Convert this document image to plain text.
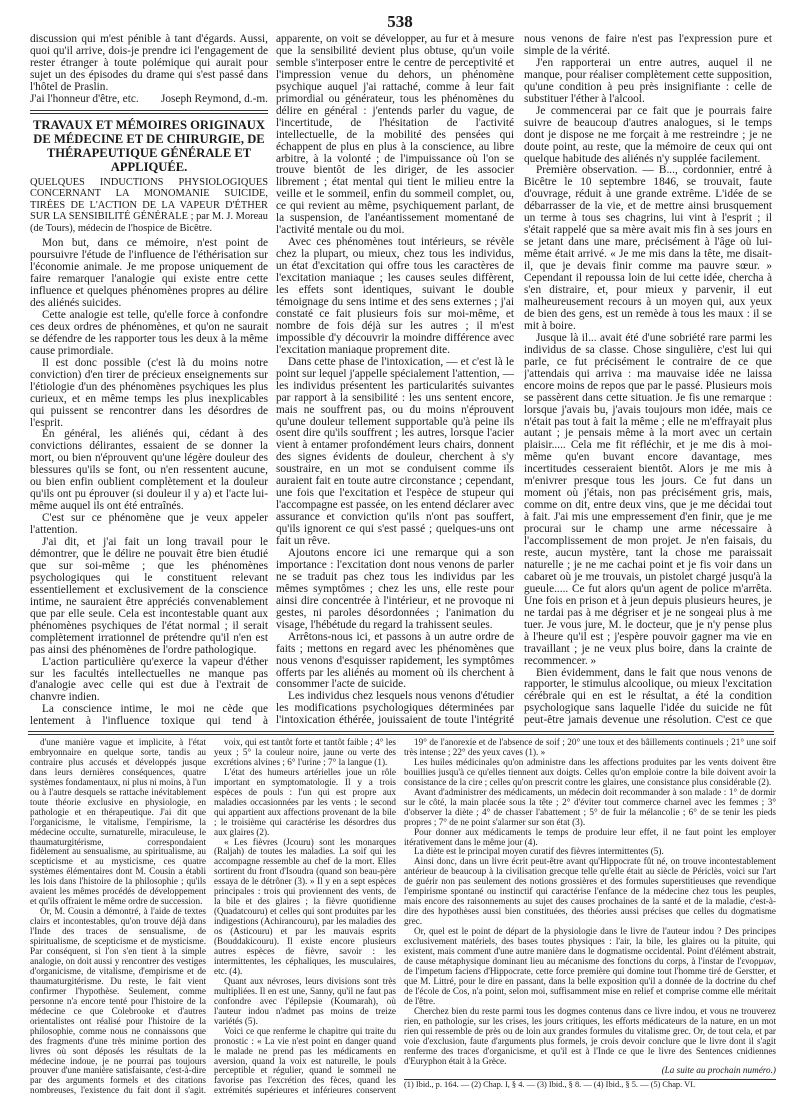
538

discussion qui m'est pénible à tant d'égards. Aussi, quoi qu'il arrive, dois-je prendre ici l'engagement de rester étranger à toute polémique qui aurait pour sujet un des épisodes du drame qui s'est passé dans l'hôtel de Praslin.

J'ai l'honneur d'être, etc. Joseph Reymond, d.-m.
TRAVAUX ET MÉMOIRES ORIGINAUX DE MÉDECINE ET DE CHIRURGIE, DE THÉRAPEUTIQUE GÉNÉRALE ET APPLIQUÉE.
QUELQUES INDUCTIONS PHYSIOLOGIQUES CONCERNANT LA MONOMANIE SUICIDE, TIRÉES DE L'ACTION DE LA VAPEUR D'ÉTHER SUR LA SENSIBILITÉ GÉNÉRALE ; par M. J. Moreau (de Tours), médecin de l'hospice de Bicêtre.

Mon but, dans ce mémoire, n'est point de poursuivre l'étude de l'influence de l'éthérisation sur l'économie animale. Je me propose uniquement de faire remarquer l'analogie qui existe entre cette influence et quelques phénomènes propres au délire des aliénés suicides.

Cette analogie est telle, qu'elle force à confondre ces deux ordres de phénomènes, et qu'on ne saurait se défendre de les rapporter tous les deux à la même cause primordiale.

Il est donc possible (c'est là du moins notre conviction) d'en tirer de précieux enseignements sur l'étiologie d'un des phénomènes psychiques les plus curieux, et en même temps les plus inexplicables qui puissent se rencontrer dans les désordres de l'esprit.

En général, les aliénés qui, cédant à des convictions délirantes, essaient de se donner la mort, ou bien n'éprouvent qu'une légère douleur des blessures qu'ils se font, ou n'en ressentent aucune, ou bien enfin oublient complètement et la douleur qu'ils ont pu éprouver (si douleur il y a) et l'acte lui-même auquel ils ont été entraînés.

C'est sur ce phénomène que je veux appeler l'attention.

J'ai dit, et j'ai fait un long travail pour le démontrer, que le délire ne pouvait être bien étudié que sur soi-même ; que les phénomènes psychologiques qui le constituent relevant essentiellement et exclusivement de la conscience intime, ne sauraient être appréciés convenablement que par elle seule. Cela est incontestable quant aux phénomènes psychiques de l'état normal ; il serait complètement irrationnel de prétendre qu'il n'en est pas ainsi des phénomènes de l'ordre pathologique.

L'action particulière qu'exerce la vapeur d'éther sur les facultés intellectuelles ne manque pas d'analogie avec celle qui est due à l'extrait de chanvre indien.

La conscience intime, le moi ne cède que lentement à l'influence toxique qui tend à

apparente, on voit se développer, au fur et à mesure que la sensibilité devient plus obtuse, qu'un voile semble s'interposer entre le centre de perceptivité et l'impression venue du dehors, un phénomène psychique auquel j'ai rattaché, comme à leur fait primordial ou générateur, tous les phénomènes du délire en général : j'entends parler du vague, de l'incertitude, de l'hésitation de l'activité intellectuelle, de la mobilité des pensées qui échappent de plus en plus à la conscience, au libre arbitre, à la volonté ; de l'impuissance où l'on se trouve bientôt de les diriger, de les associer librement ; état mental qui tient le milieu entre la veille et le sommeil, enfin du sommeil complet, ou, ce qui revient au même, psychiquement parlant, de la suspension, de l'anéantissement momentané de l'activité mentale ou du moi.

Avec ces phénomènes tout intérieurs, se révèle chez la plupart, ou mieux, chez tous les individus, un état d'excitation qui offre tous les caractères de l'excitation maniaque ; les causes seules diffèrent, les effets sont identiques, suivant le double témoignage du sens intime et des sens externes ; j'ai constaté ce fait plusieurs fois sur moi-même, et nombre de fois déjà sur les autres ; il m'est impossible d'y découvrir la moindre différence avec l'excitation maniaque proprement dite.

Dans cette phase de l'intoxication, — et c'est là le point sur lequel j'appelle spécialement l'attention, — les individus présentent les particularités suivantes par rapport à la sensibilité : les uns sentent encore, mais ne souffrent pas, ou du moins n'éprouvent qu'une douleur tellement supportable qu'à peine ils osent dire qu'ils souffrent ; les autres, lorsque l'acier vient à entamer profondément leurs chairs, donnent des signes évidents de douleur, cherchent à s'y soustraire, en un mot se conduisent comme ils auraient fait en toute autre circonstance ; cependant, une fois que l'excitation et l'espèce de stupeur qui l'accompagne est passée, on les entend déclarer avec assurance et conviction qu'ils n'ont pas souffert, qu'ils ignorent ce qui s'est passé ; quelques-uns ont fait un rêve.

Ajoutons encore ici une remarque qui a son importance : l'excitation dont nous venons de parler ne se traduit pas chez tous les individus par les mêmes symptômes ; chez les uns, elle reste pour ainsi dire concentrée à l'intérieur, et ne provoque ni gestes, ni paroles désordonnées ; l'animation du visage, l'hébétude du regard la trahissent seules.

Arrêtons-nous ici, et passons à un autre ordre de faits ; mettons en regard avec les phénomènes que nous venons d'esquisser rapidement, les symptômes offerts par les aliénés au moment où ils cherchent à consommer l'acte de suicide.

Les individus chez lesquels nous venons d'étudier les modifications psychologiques déterminées par l'intoxication éthérée, jouissaient de toute l'intégrité

nous venons de faire n'est pas l'expression pure et simple de la vérité.

J'en rapporterai un entre autres, auquel il ne manque, pour réaliser complètement cette supposition, qu'une condition à peu près insignifiante : celle de substituer l'éther à l'alcool.

Je commencerai par ce fait que je pourrais faire suivre de beaucoup d'autres analogues, si le temps dont je dispose ne me forçait à me restreindre ; je ne doute point, au reste, que la mémoire de ceux qui ont quelque habitude des aliénés n'y supplée facilement.

Première observation. — B..., cordonnier, entré à Bicêtre le 10 septembre 1846, se trouvait, faute d'ouvrage, réduit à une grande extrême. L'idée de se débarrasser de la vie, et de mettre ainsi brusquement un terme à tous ses chagrins, lui vint à l'esprit ; il s'était rappelé que sa mère avait mis fin à ses jours en se jetant dans une mare, précisément à l'âge où lui-même était arrivé. « Je me mis dans la tête, me disait-il, que je devais finir comme ma pauvre sœur. » Cependant il repoussa loin de lui cette idée, chercha à s'en distraire, et, pour mieux y parvenir, il eut malheureusement recours à un moyen qui, aux yeux de bien des gens, est un remède à tous les maux : il se mit à boire.

Jusque là il... avait été d'une sobriété rare parmi les individus de sa classe. Chose singulière, c'est lui qui parle, ce fut précisément le contraire de ce que j'attendais qui arriva : ma mauvaise idée ne laissa encore moins de repos que par le passé. Plusieurs mois se passèrent dans cette situation. Je fis une remarque : lorsque j'avais bu, j'avais toujours mon idée, mais ce n'était pas tout à fait la même ; elle ne m'effrayait plus autant ; je pensais même à la mort avec un certain plaisir..... Cela me fit réfléchir, et je me dis à moi-même qu'en buvant encore davantage, mes incertitudes cesseraient bientôt. Alors je me mis à m'enivrer presque tous les jours. Ce fut dans un moment où j'étais, non pas précisément gris, mais, comme on dit, entre deux vins, que je me décidai tout à fait. J'ai mis une empressement d'en finir, que je me procurai sur le champ une arme nécessaire à l'accomplissement de mon projet. Je n'en faisais, du reste, aucun mystère, tant la chose me paraissait naturelle ; je ne me cachai point et je fis voir dans un cabaret où je me trouvais, un pistolet chargé jusqu'à la gueule..... Ce fut alors qu'un agent de police m'arrêta. Une fois en prison et à jeun depuis plusieurs heures, je ne tardai pas à me dégriser et je ne songeai plus à me tuer. Je vous jure, M. le docteur, que je n'y pense plus à l'heure qu'il est ; j'espère pouvoir gagner ma vie en travaillant ; je ne veux plus boire, dans la crainte de recommencer. »

Bien évidemment, dans le fait que nous venons de rapporter, le stimulus alcoolique, ou mieux l'excitation cérébrale qui en est le résultat, a été la condition psychologique sans laquelle l'idée du suicide ne fût peut-être jamais devenue une résolution. C'est ce que

d'une manière vague et implicite, à l'état embryonnaire en quelque sorte, tandis au contraire plus accusés et développés jusque dans leurs dernières conséquences, quatre systèmes fondamentaux, ni plus ni moins, à l'un ou à l'autre desquels se rattache inévitablement toute théorie exclusive en physiologie, en pathologie et en thérapeutique. J'ai dit que l'organicisme, le vitalisme, l'empirisme, la médecine occulte, surnaturelle, miraculeuse, le thaumaturgitérisme, correspondaient fidèlement au sensualisme, au spiritualisme, au scepticisme et au mysticisme, ces quatre systèmes élémentaires dont M. Cousin a établi les lois dans l'histoire de la philosophie ; qu'ils avaient les mêmes procédés de développement et qu'ils offraient le même ordre de succession.

Or, M. Cousin a démontré, à l'aide de textes clairs et incontestables, qu'on trouve déjà dans l'Inde des traces de sensualisme, de spiritualisme, de scepticisme et de mysticisme. Par conséquent, si l'on s'en tient à la simple analogie, on doit aussi y rencontrer des vestiges d'organicisme, de vitalisme, d'empirisme et de thaumaturgitérisme. Du reste, le fait vient confirmer l'hypothèse. Seulement, comme personne n'a encore tenté pour l'histoire de la médecine ce que Colebrooke et d'autres orientalistes ont réalisé pour l'histoire de la philosophie, comme nous ne connaissons que des fragments d'une très minime portion des livres où sont déposés les résultats de la médecine indoue, je ne pourrai pas toujours prouver d'une manière satisfaisante, c'est-à-dire par des arguments formels et des citations nombreuses, l'existence du fait dont il s'agit.

voix, qui est tantôt forte et tantôt faible ; 4° les yeux ; 5° la couleur noire, jaune ou verte des excrétions alvines ; 6° l'urine ; 7° la langue (1).

L'état des humeurs artérielles joue un rôle important en symptomatologie. Il y a trois espèces de pouls : l'un qui est propre aux maladies occasionnées par les vents ; le second qui appartient aux affections provenant de la bile ; le troisième qui caractérise les désordres dus aux glaires (2).

« Les fièvres (Jcouru) sont les monarques (Raljah) de toutes les maladies. La soif qui les accompagne ressemble au chef de la mort. Elles sortirent du front d'Isoudra (quand son beau-père essaya de le détrôner (3). » Il y en a sept espèces principales : trois qui proviennent des vents, de la bile et des glaires ; la fièvre quotidienne (Quadatcouru) et celles qui sont produites par les indigestions (Achirancouru), par les maladies des os (Asticouru) et par les mauvais esprits (Bouddakicouru). Il existe encore plusieurs autres espèces de fièvre, savoir : les intermittentes, les céphaliques, les musculaires, etc. (4).

Quant aux névroses, leurs divisions sont très multipliées. Il en est une, Sanny, qu'il ne faut pas confondre avec l'épilepsie (Koumarah), où l'auteur indou n'admet pas moins de treize variétés (5).

Voici ce que renferme le chapitre qui traite du pronostic : « La vie n'est point en danger quand le malade ne prend pas les médicaments en aversion, quand la voix est naturelle, le pouls perceptible et régulier, quand le sommeil ne favorise pas l'excrétion des fèces, quand les extrémités supérieures et inférieures conservent

19° de l'anorexie et de l'absence de soif ; 20° une toux et des bâillements continuels ; 21° une soif très intense ; 22° des yeux caves (1). »

Les huiles médicinales qu'on administre dans les affections produites par les vents doivent être bouillies jusqu'à ce qu'elles tiennent aux doigts. Celles qu'on emploie contre la bile doivent avoir la consistance de la cire ; celles qu'on prescrit contre les glaires, une consistance plus considérable (2).

Avant d'administrer des médicaments, un médecin doit recommander à son malade : 1° de dormir sur le côté, la main placée sous la tête ; 2° d'éviter tout commerce charnel avec les femmes ; 3° d'observer la diète ; 4° de chasser l'abattement ; 5° de fuir la mélancolie ; 6° de se tenir les pieds propres ; 7° de ne point s'alarmer sur son état (3).

Pour donner aux médicaments le temps de produire leur effet, il ne faut point les employer itérativement dans le même jour (4).

La diète est le principal moyen curatif des fièvres intermittentes (5).

Ainsi donc, dans un livre écrit peut-être avant qu'Hippocrate fût né, on trouve incontestablement antérieur de beaucoup à la civilisation grecque telle qu'elle était au siècle de Périclès, voici sur l'art de guérir non pas seulement des notions grossières et des formules superstitieuses que revendique l'empirisme spontané ou instinctif qui caractérise l'enfance de la médecine chez tous les peuples, mais encore des raisonnements au sujet des causes prochaines de la santé et de la maladie, c'est-à-dire des hypothèses aussi bien constituées, des théories aussi précises que celles du dogmatisme grec.

Or, quel est le point de départ de la physiologie dans le livre de l'auteur indou ? Des principes exclusivement matériels, des bases toutes physiques : l'air, la bile, les glaires ou la pituite, qui existent, mais comment d'une autre manière dans le dogmatisme occidental. Point d'élément abstrait, de cause métaphysique dominant lieu au mécanisme des fonctions du corps, à l'instar de l'ενορμων, de l'impetum faciens d'Hippocrate, cette force première qui domine tout l'homme tiré de Gerstter, et que M. Littré, pour le dire en passant, dans la belle exposition qu'il a donnée de la doctrine du chef de l'école de Cos, n'a point, selon moi, suffisamment mise en relief et comprise comme elle méritait de l'être.

Cherchez bien du reste parmi tous les dogmes contenus dans ce livre indou, et vous ne trouverez rien, en pathologie, sur les crises, les jours critiques, les efforts médicateurs de la nature, en un mot rien qui ressemble de près ou de loin aux grandes formules du vitalisme grec. Or, de tout cela, et par voie d'exclusion, faute d'arguments plus formels, je crois devoir conclure que le livre dont il s'agit renferme des traces d'organicisme, et qu'il est à l'Inde ce que le livre des Sentences cnidiennes d'Euryphon était à la Grèce.

(La suite au prochain numéro.)

(1) Ibid., p. 164. — (2) Chap. I, § 4. — (3) Ibid., § 8. — (4) Ibid., § 5. — (5) Chap. VI.
